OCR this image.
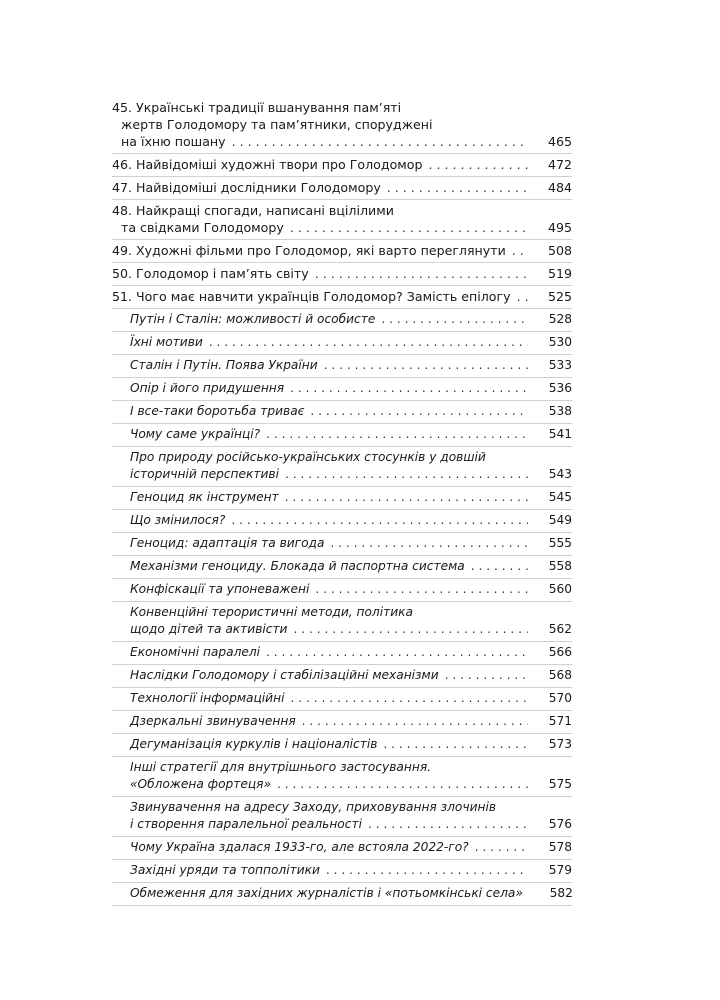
45. Українські традиції вшанування пам’яті
жертв Голодомору та пам’ятники, споруджені
на їхню пошану . . .	465
46. Найвідоміші художні твори про Голодомор . . .	472
47. Найвідоміші дослідники Голодомору . . .	484
48. Найкращі спогади, написані вцілілими
та свідками Голодомору . . .	495
49. Художні фільми про Голодомор, які варто переглянути . . .	508
50. Голодомор і пам’ять світу . . .	519
51. Чого має навчити українців Голодомор? Замість епілогу . . .	525
Путін і Сталін: можливості й особисте . . .	528
Їхні мотиви . . .	530
Сталін і Путін. Поява України . . .	533
Опір і його придушення . . .	536
І все-таки боротьба триває . . .	538
Чому саме українці? . . .	541
Про природу російсько-українських стосунків у довшій
історичній перспективі . . .	543
Геноцид як інструмент . . .	545
Що змінилося? . . .	549
Геноцид: адаптація та вигода . . .	555
Механізми геноциду. Блокада й паспортна система . . .	558
Конфіскації та упоневажені . . .	560
Конвенційні терористичні методи, політика
щодо дітей та активісти . . .	562
Економічні паралелі . . .	566
Наслідки Голодомору і стабілізаційні механізми . . .	568
Технології інформаційні . . .	570
Дзеркальні звинувачення . . .	571
Дегуманізація куркулів і націоналістів . . .	573
Інші стратегії для внутрішнього застосування.
«Обложена фортеця» . . .	575
Звинувачення на адресу Заходу, приховування злочинів
і створення паралельної реальності . . .	576
Чому Україна здалася 1933-го, але встояла 2022-го? . . .	578
Західні уряди та топполітики . . .	579
Обмеження для західних журналістів і «потьомкінські села»	582
